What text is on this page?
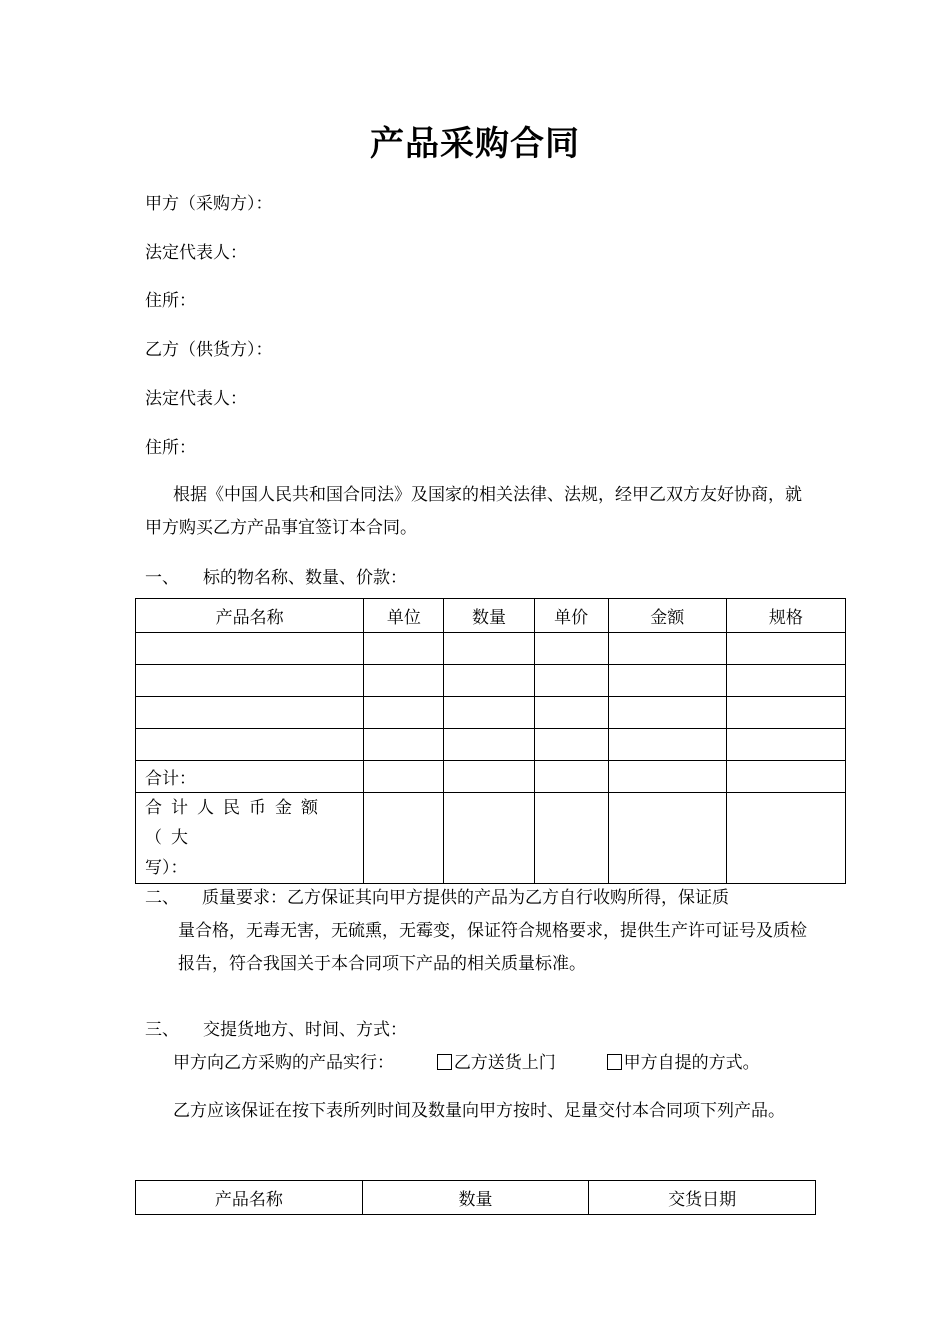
产品采购合同
甲方（采购方）：
法定代表人：
住所：
乙方（供货方）：
法定代表人：
住所：
根据《中国人民共和国合同法》及国家的相关法律、法规，经甲乙双方友好协商，就甲方购买乙方产品事宜签订本合同。
一、 标的物名称、数量、价款：
产品名称	单位	数量	单价	金额	规格

合计：					
合计人民币金额（大
写）：					
二、 质量要求：乙方保证其向甲方提供的产品为乙方自行收购所得，保证质
量合格，无毒无害，无硫熏，无霉变，保证符合规格要求，提供生产许可证号及质检报告，符合我国关于本合同项下产品的相关质量标准。
三、 交提货地方、时间、方式：
甲方向乙方采购的产品实行：	乙方送货上门	甲方自提的方式。
乙方应该保证在按下表所列时间及数量向甲方按时、足量交付本合同项下列产品。
产品名称	数量	交货日期
